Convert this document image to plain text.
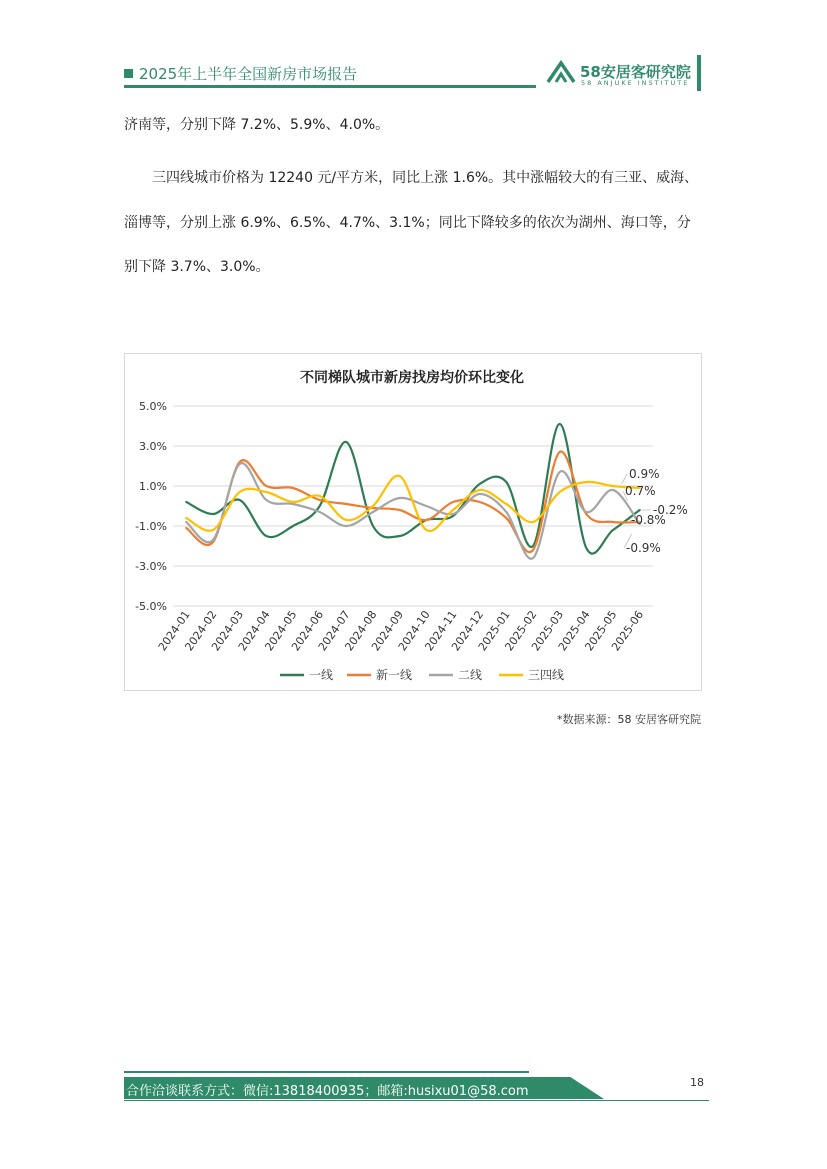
2025年上半年全国新房市场报告	58安居客研究院
58 ANJUKE INSTITUTE
济南等，分别下降 7.2%、5.9%、4.0%。
三四线城市价格为 12240 元/平方米，同比上涨 1.6%。其中涨幅较大的有三亚、威海、
淄博等，分别上涨 6.9%、6.5%、4.7%、3.1%；同比下降较多的依次为湖州、海口等，分
别下降 3.7%、3.0%。
不同梯队城市新房找房均价环比变化
5.0%
3.0%
1.0%
-1.0%
-3.0%
-5.0%
2024-01
2024-02
2024-03
2024-04
2024-05
2024-06
2024-07
2024-08
2024-09
2024-10
2024-11
2024-12
2025-01
2025-02
2025-03
2025-04
2025-05
2025-06
0.9%
0.7%
-0.2%
-0.8%
-0.9%
一线	新一线	二线	三四线
*数据来源：58 安居客研究院
合作洽谈联系方式：微信:13818400935；邮箱:husixu01@58.com
18
